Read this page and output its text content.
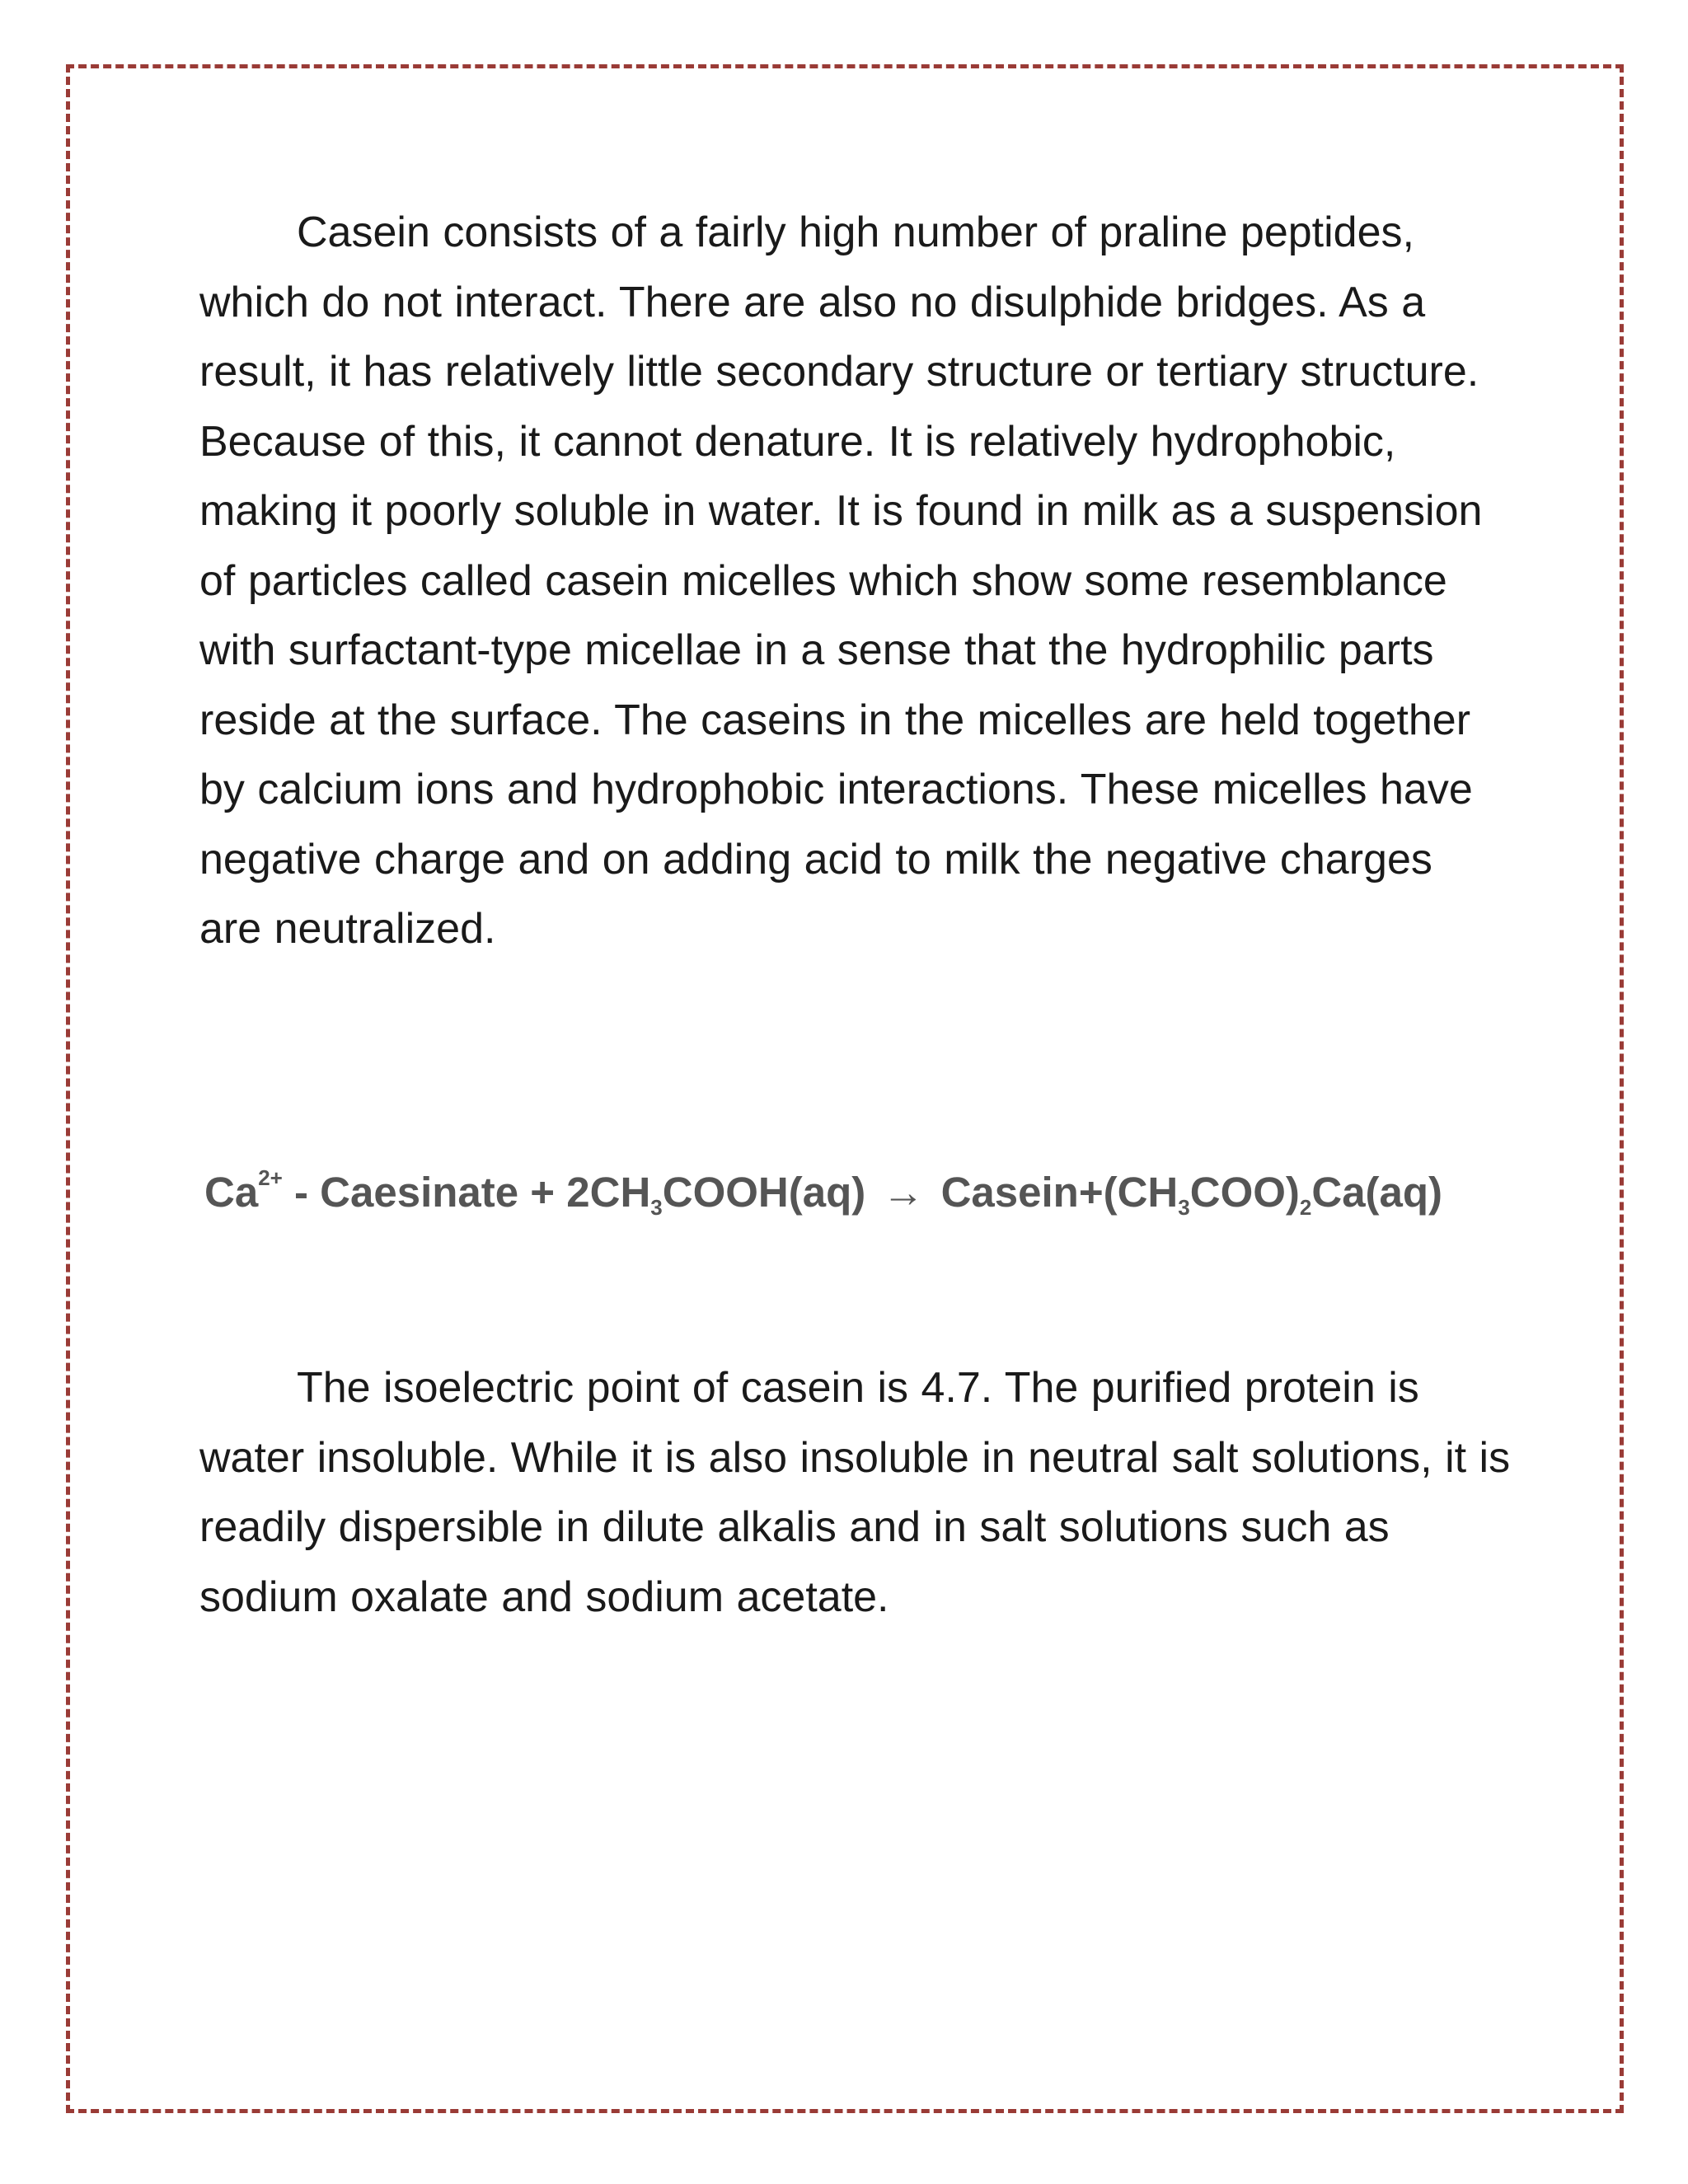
Casein consists of a fairly high number of praline peptides, which do not interact. There are also no disulphide bridges. As a result, it has relatively little secondary structure or tertiary structure. Because of this, it cannot denature. It is relatively hydrophobic, making it poorly soluble in water. It is found in milk as a suspension of particles called casein micelles which show some resemblance with surfactant-type micellae in a sense that the hydrophilic parts reside at the surface. The caseins in the micelles are held together by calcium ions and hydrophobic interactions. These micelles have negative charge and on adding acid to milk the negative charges are neutralized.

$Ca^{2+}$ - Caesinate + $2CH_3COOH(aq)$ → $Casein+(CH_3COO)_2Ca(aq)$

The isoelectric point of casein is 4.7. The purified protein is water insoluble. While it is also insoluble in neutral salt solutions, it is readily dispersible in dilute alkalis and in salt solutions such as sodium oxalate and sodium acetate.
